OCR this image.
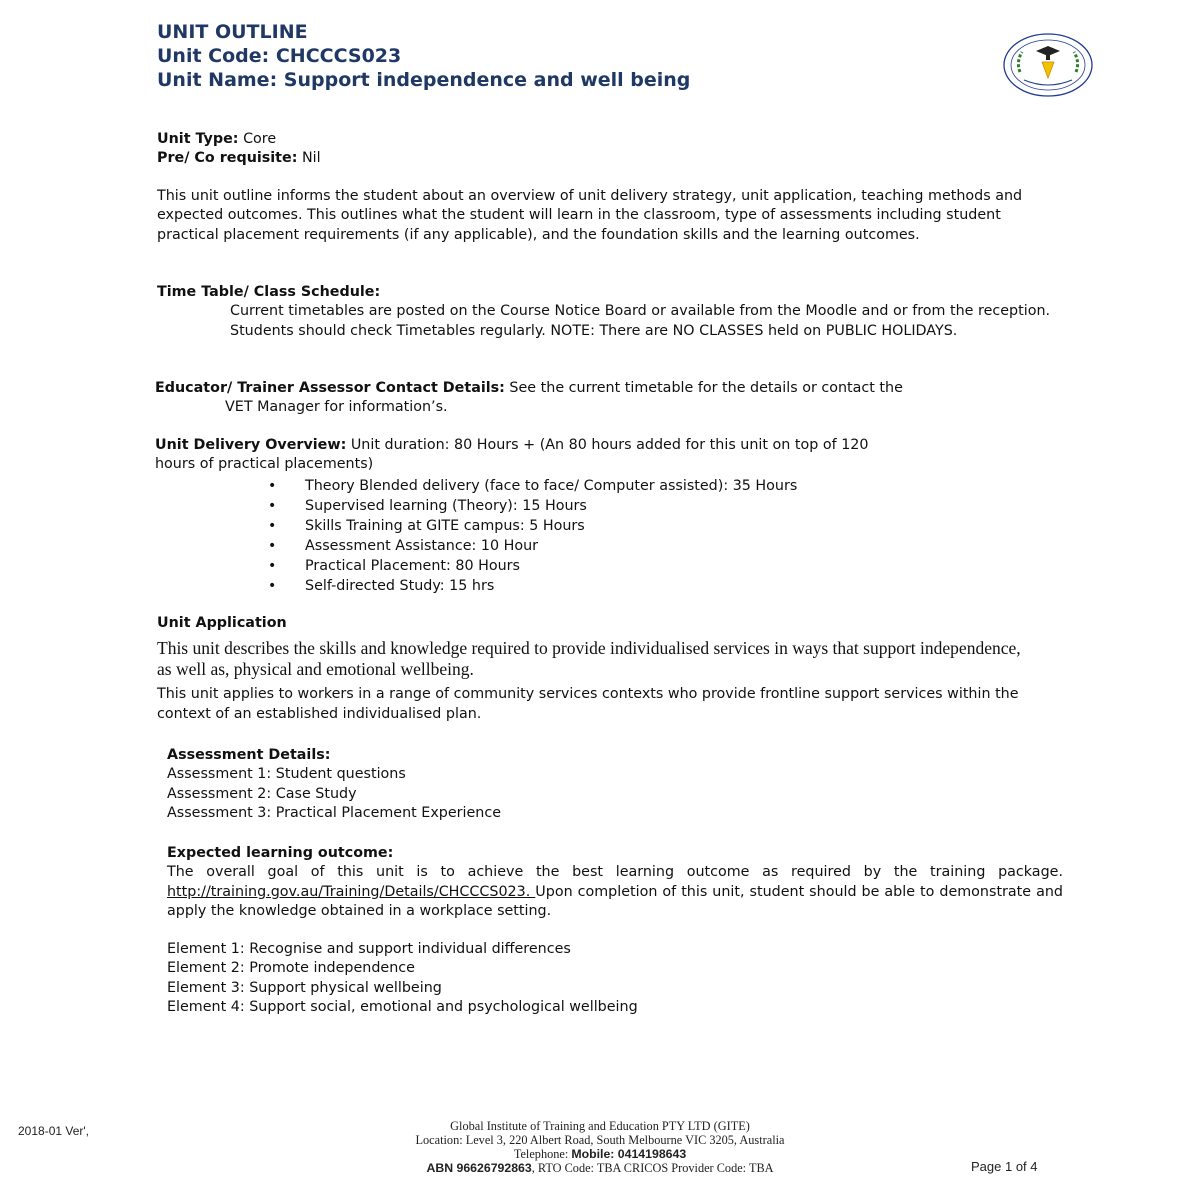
UNIT OUTLINE
Unit Code: CHCCCS023
Unit Name: Support independence and well being
Unit Type: Core
Pre/ Co requisite: Nil
This unit outline informs the student about an overview of unit delivery strategy, unit application, teaching methods and expected outcomes. This outlines what the student will learn in the classroom, type of assessments including student practical placement requirements (if any applicable), and the foundation skills and the learning outcomes.
Time Table/ Class Schedule:
Current timetables are posted on the Course Notice Board or available from the Moodle and or from the reception. Students should check Timetables regularly. NOTE: There are NO CLASSES held on PUBLIC HOLIDAYS.
Educator/ Trainer Assessor Contact Details: See the current timetable for the details or contact the
VET Manager for information’s.
Unit Delivery Overview: Unit duration: 80 Hours + (An 80 hours added for this unit on top of 120
hours of practical placements)
• Theory Blended delivery (face to face/ Computer assisted): 35 Hours
• Supervised learning (Theory): 15 Hours
• Skills Training at GITE campus: 5 Hours
• Assessment Assistance: 10 Hour
• Practical Placement: 80 Hours
• Self-directed Study: 15 hrs
Unit Application
This unit describes the skills and knowledge required to provide individualised services in ways that support independence, as well as, physical and emotional wellbeing.
This unit applies to workers in a range of community services contexts who provide frontline support services within the context of an established individualised plan.
Assessment Details:
Assessment 1: Student questions
Assessment 2: Case Study
Assessment 3: Practical Placement Experience
Expected learning outcome:
The overall goal of this unit is to achieve the best learning outcome as required by the training package. http://training.gov.au/Training/Details/CHCCCS023. Upon completion of this unit, student should be able to demonstrate and apply the knowledge obtained in a workplace setting.
Element 1: Recognise and support individual differences
Element 2: Promote independence
Element 3: Support physical wellbeing
Element 4: Support social, emotional and psychological wellbeing
2018-01 Ver',	Global Institute of Training and Education PTY LTD (GITE)
Location: Level 3, 220 Albert Road, South Melbourne VIC 3205, Australia
Telephone: Mobile: 0414198643
ABN 96626792863, RTO Code: TBA CRICOS Provider Code: TBA	Page 1 of 4
